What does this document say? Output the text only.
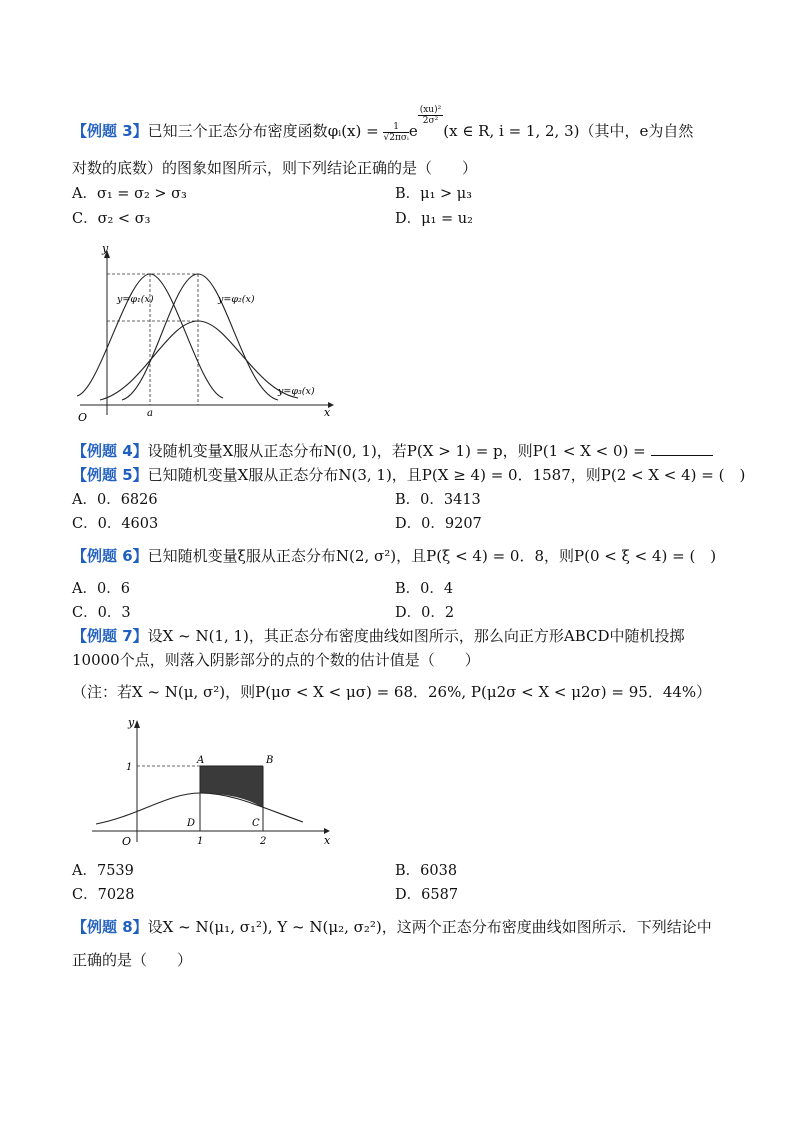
【例题 3】已知三个正态分布密度函数φᵢ(x) = $\frac{1}{\text{√2πσᵢ}}$ e
$\frac{\text{(xu)²}}{\text{2σ²}}$
(x ∈ R, i = 1, 2, 3)（其中，e为自然
对数的底数）的图象如图所示，则下列结论正确的是（　　）
A．σ₁ = σ₂ > σ₃	B．μ₁ > μ₃
C．σ₂ < σ₃	D．μ₁ = u₂
O	a
y
x
y=φ₁(x)	y=φ₂(x)
y=φ₃(x)
【例题 4】设随机变量X服从正态分布N(0, 1)，若P(X > 1) = p，则P(1 < X < 0) =
【例题 5】已知随机变量X服从正态分布N(3, 1)，且P(X ≥ 4) = 0．1587，则P(2 < X < 4) = (　)
A．0．6826	B．0．3413
C．0．4603	D．0．9207
【例题 6】已知随机变量ξ服从正态分布N(2, σ²)，且P(ξ < 4) = 0．8，则P(0 < ξ < 4) = (　)
A．0．6	B．0．4
C．0．3	D．0．2
【例题 7】设X ~ N(1, 1)，其正态分布密度曲线如图所示，那么向正方形ABCD中随机投掷
10000个点，则落入阴影部分的点的个数的估计值是（　　）
（注：若X ~ N(μ, σ²)，则P(μσ < X < μσ) = 68．26%, P(μ2σ < X < μ2σ) = 95．44%）
y
x
O
1
1	2
A	B
C
D
A．7539	B．6038
C．7028	D．6587
【例题 8】设X ~ N(μ₁, σ₁²), Y ~ N(μ₂, σ₂²)，这两个正态分布密度曲线如图所示．下列结论中
正确的是（　　）
